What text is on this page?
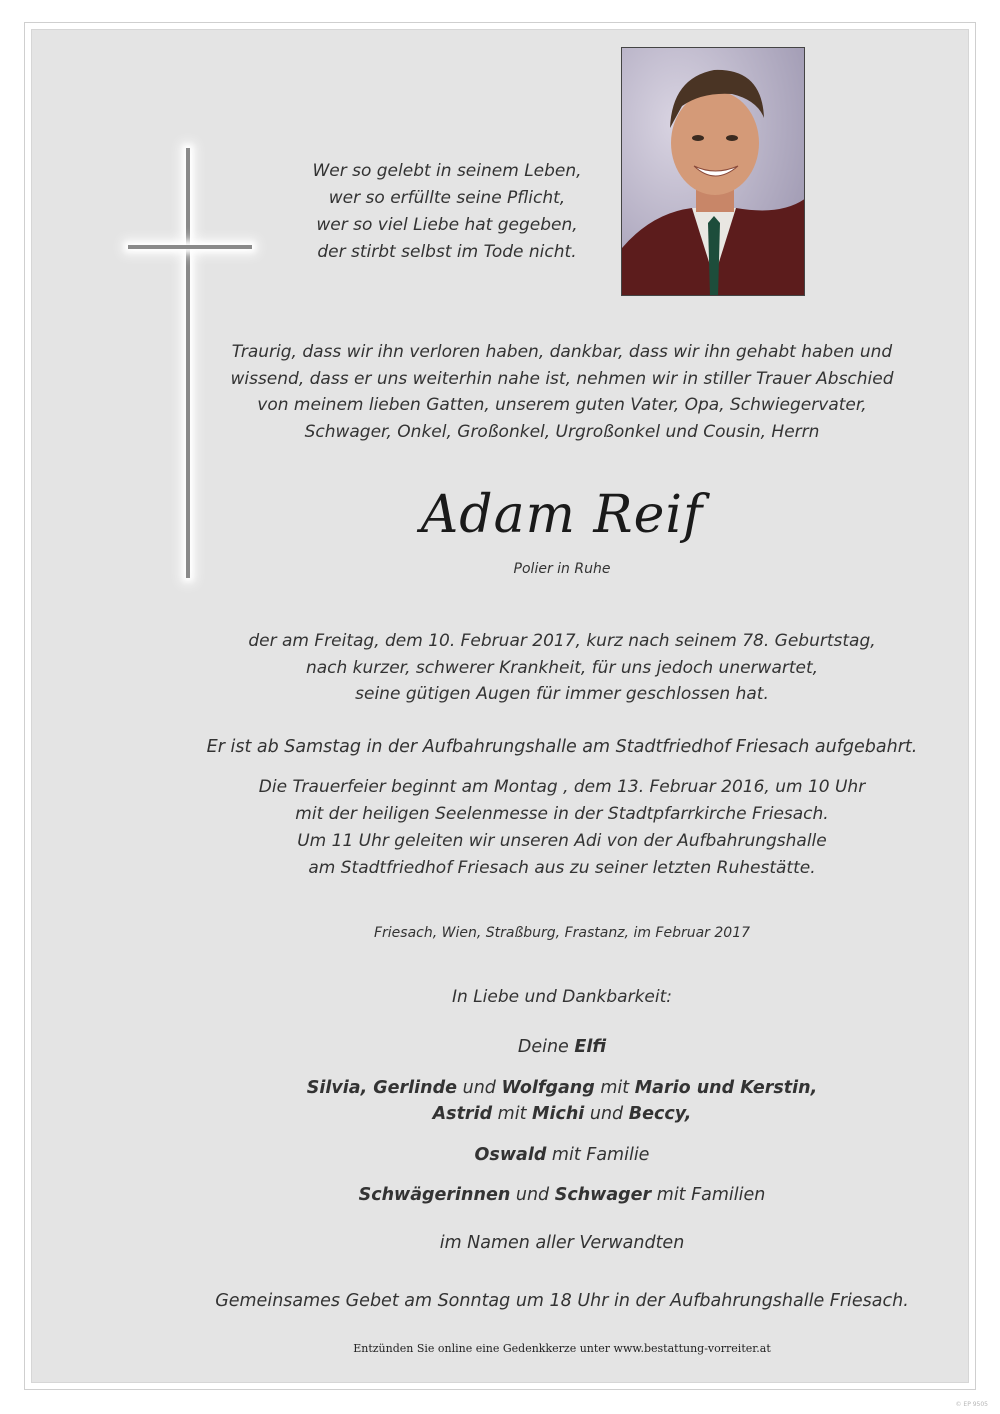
Wer so gelebt in seinem Leben,
wer so erfüllte seine Pflicht,
wer so viel Liebe hat gegeben,
der stirbt selbst im Tode nicht.

Traurig, dass wir ihn verloren haben, dankbar, dass wir ihn gehabt haben und
wissend, dass er uns weiterhin nahe ist, nehmen wir in stiller Trauer Abschied
von meinem lieben Gatten, unserem guten Vater, Opa, Schwiegervater,
Schwager, Onkel, Großonkel, Urgroßonkel und Cousin, Herrn

Adam Reif

Polier in Ruhe

der am Freitag, dem 10. Februar 2017, kurz nach seinem 78. Geburtstag,
nach kurzer, schwerer Krankheit, für uns jedoch unerwartet,
seine gütigen Augen für immer geschlossen hat.

Er ist ab Samstag in der Aufbahrungshalle am Stadtfriedhof Friesach aufgebahrt.

Die Trauerfeier beginnt am Montag , dem 13. Februar 2016, um 10 Uhr
mit der heiligen Seelenmesse in der Stadtpfarrkirche Friesach.
Um 11 Uhr geleiten wir unseren Adi von der Aufbahrungshalle
am Stadtfriedhof Friesach aus zu seiner letzten Ruhestätte.

Friesach, Wien, Straßburg, Frastanz, im Februar 2017

In Liebe und Dankbarkeit:

Deine Elfi

Silvia, Gerlinde und Wolfgang mit Mario und Kerstin,
Astrid mit Michi und Beccy,

Oswald mit Familie

Schwägerinnen und Schwager mit Familien

im Namen aller Verwandten

Gemeinsames Gebet am Sonntag um 18 Uhr in der Aufbahrungshalle Friesach.

Entzünden Sie online eine Gedenkkerze unter www.bestattung-vorreiter.at

© EP 9505
